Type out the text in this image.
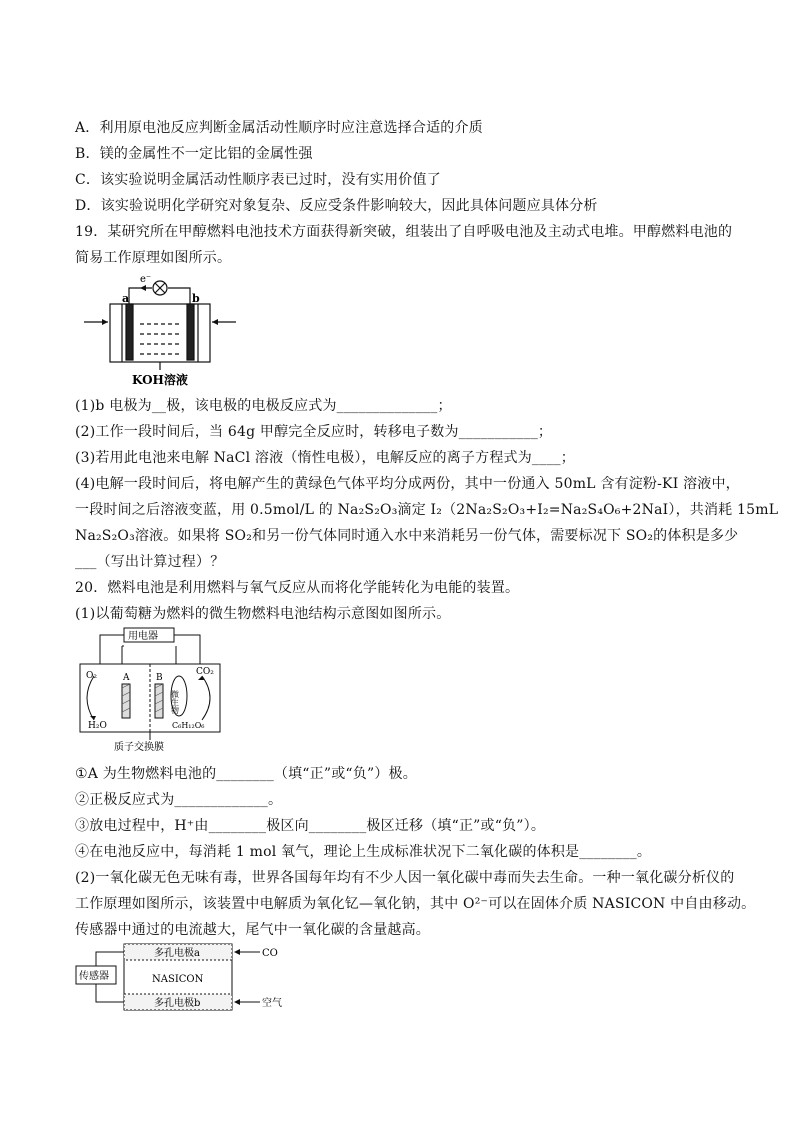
A．利用原电池反应判断金属活动性顺序时应注意选择合适的介质
B．镁的金属性不一定比铝的金属性强
C．该实验说明金属活动性顺序表已过时，没有实用价值了
D．该实验说明化学研究对象复杂、反应受条件影响较大，因此具体问题应具体分析
19．某研究所在甲醇燃料电池技术方面获得新突破，组装出了自呼吸电池及主动式电堆。甲醇燃料电池的
简易工作原理如图所示。
e⁻
a	b
KOH溶液
(1)b 电极为__极，该电极的电极反应式为______________；
(2)工作一段时间后，当 64g 甲醇完全反应时，转移电子数为___________；
(3)若用此电池来电解 NaCl 溶液（惰性电极），电解反应的离子方程式为____；
(4)电解一段时间后，将电解产生的黄绿色气体平均分成两份，其中一份通入 50mL 含有淀粉-KI 溶液中，
一段时间之后溶液变蓝，用 0.5mol/L 的 Na₂S₂O₃滴定 I₂（2Na₂S₂O₃+I₂=Na₂S₄O₆+2NaI），共消耗 15mL
Na₂S₂O₃溶液。如果将 SO₂和另一份气体同时通入水中来消耗另一份气体，需要标况下 SO₂的体积是多少
___（写出计算过程）？
20．燃料电池是利用燃料与氧气反应从而将化学能转化为电能的装置。
(1)以葡萄糖为燃料的微生物燃料电池结构示意图如图所示。
用电器
O₂	CO₂
A	B
微生物
H₂O	C₆H₁₂O₆
质子交换膜
①A 为生物燃料电池的________（填“正”或“负”）极。
②正极反应式为_____________。
③放电过程中，H⁺由________极区向________极区迁移（填“正”或“负”）。
④在电池反应中，每消耗 1 mol 氧气，理论上生成标准状况下二氧化碳的体积是________。
(2)一氧化碳无色无味有毒，世界各国每年均有不少人因一氧化碳中毒而失去生命。一种一氧化碳分析仪的
工作原理如图所示，该装置中电解质为氧化钇—氧化钠，其中 O²⁻可以在固体介质 NASICON 中自由移动。
传感器中通过的电流越大，尾气中一氧化碳的含量越高。
传感器
多孔电极a
NASICON
多孔电极b
CO
空气
